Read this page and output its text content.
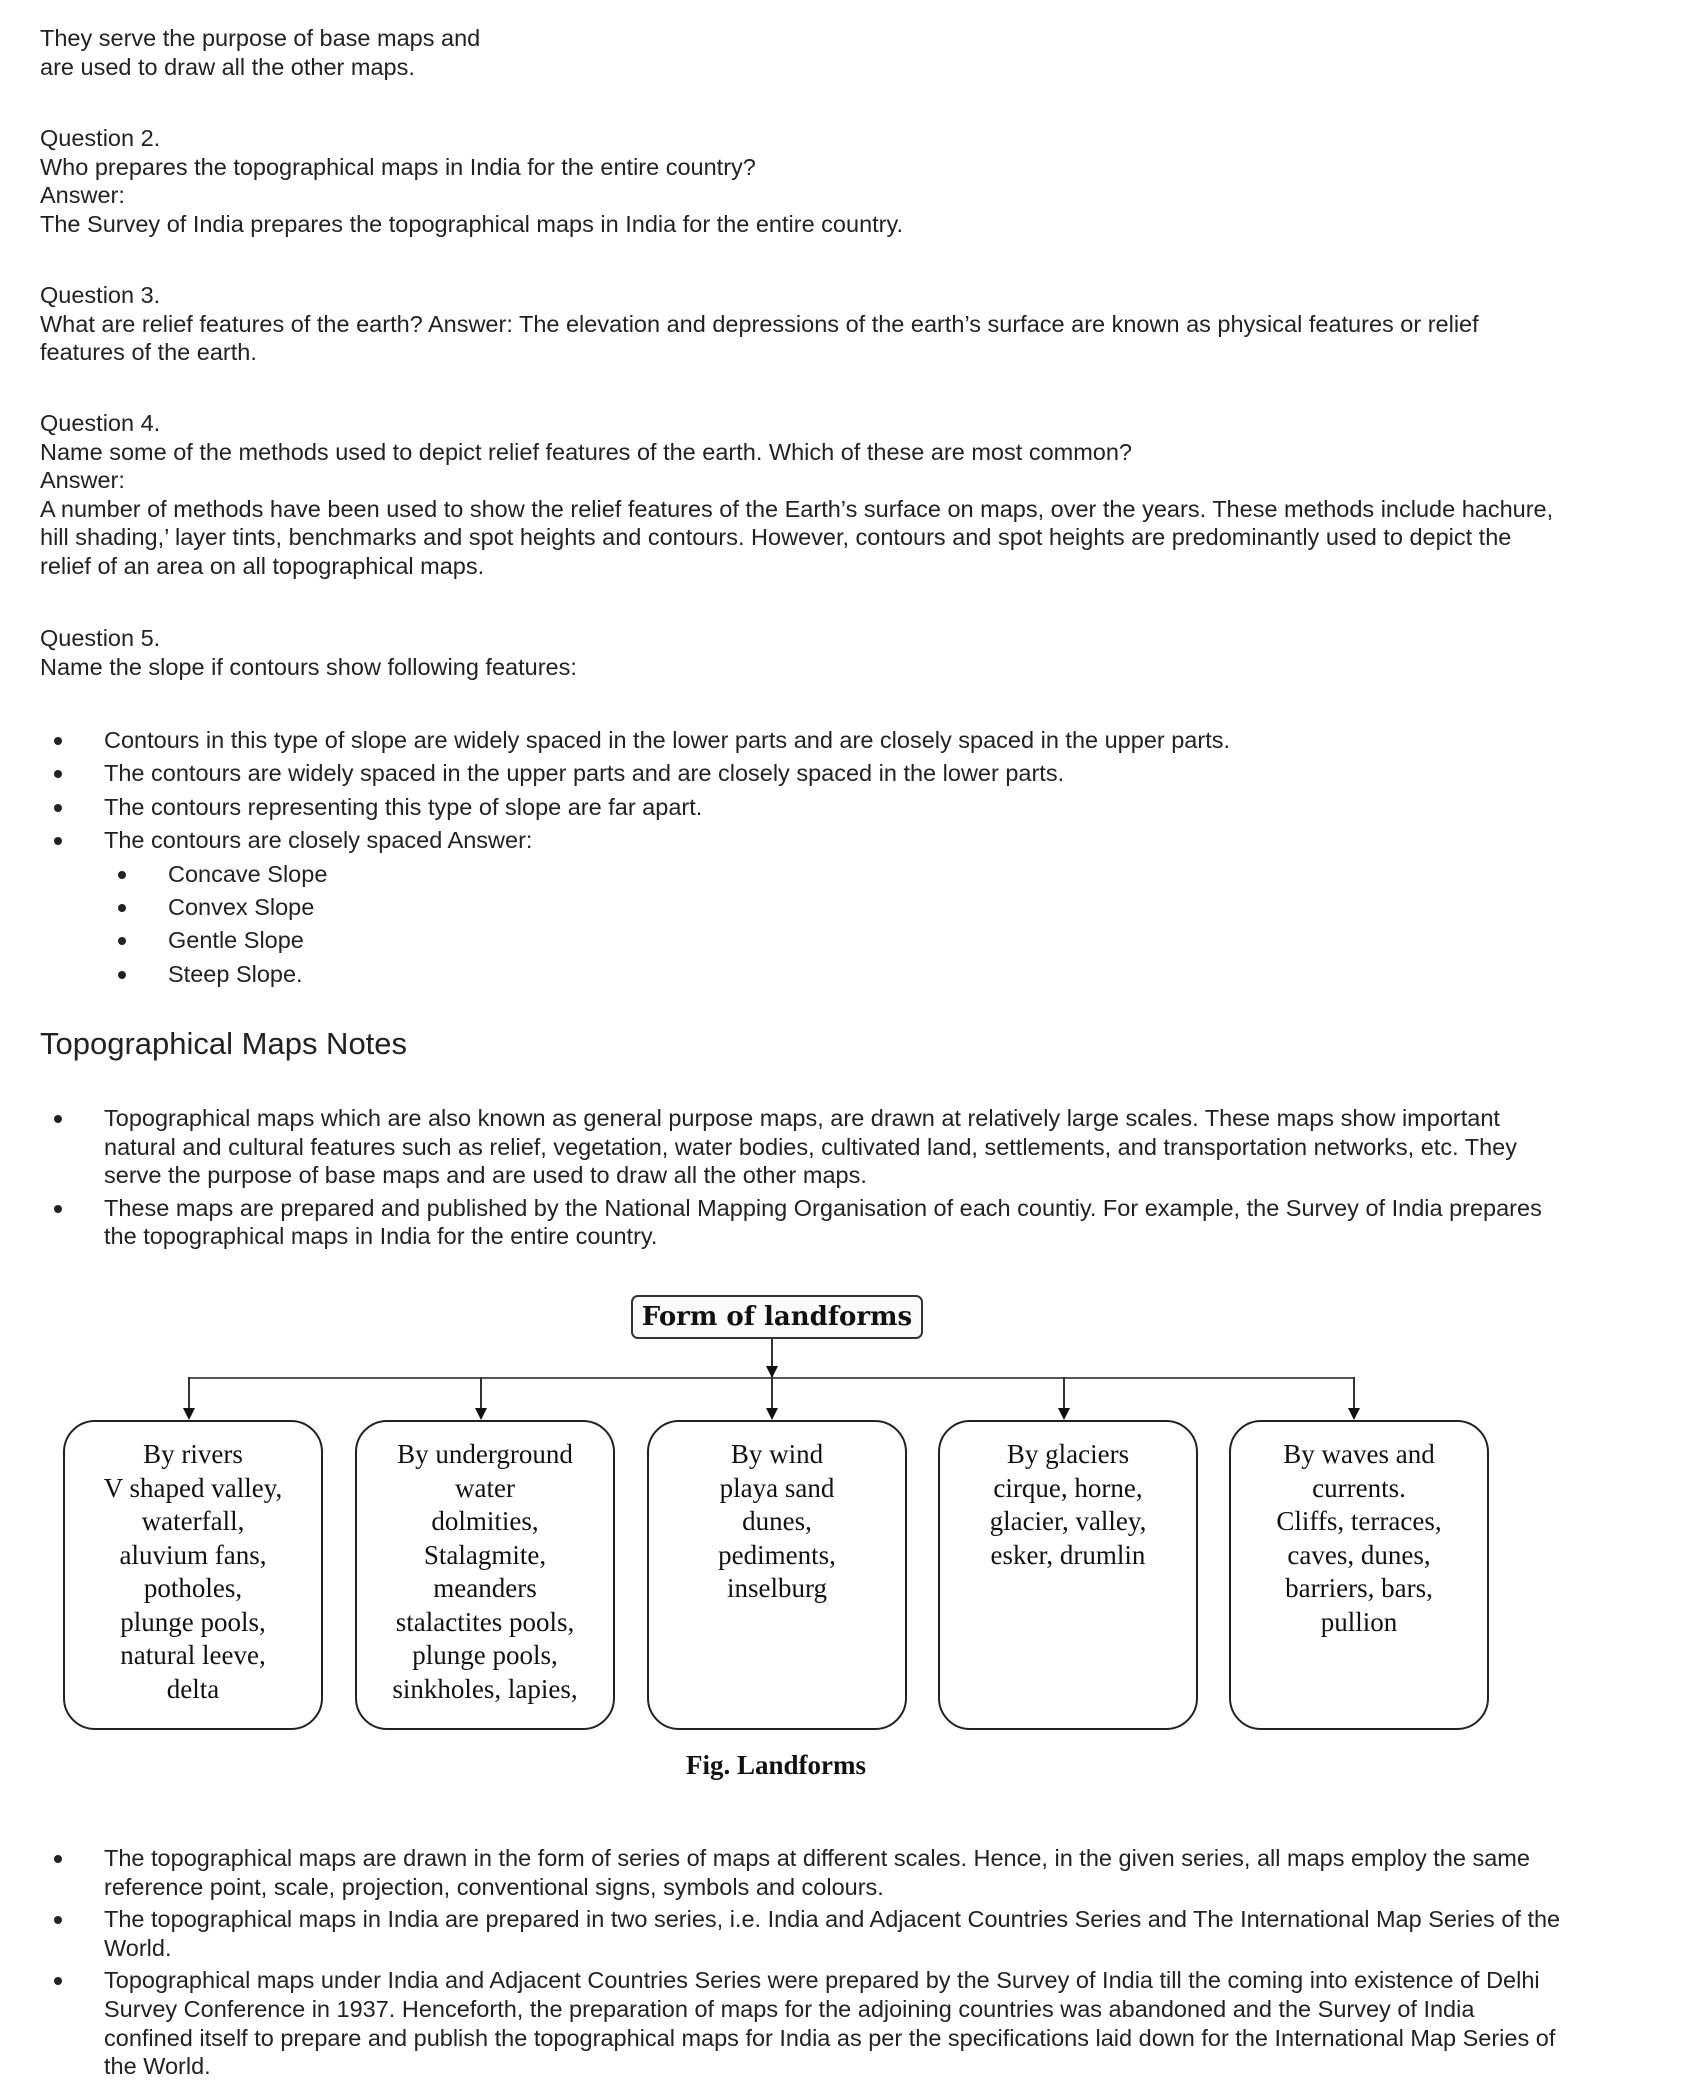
They serve the purpose of base maps and
are used to draw all the other maps.
Question 2.
Who prepares the topographical maps in India for the entire country?
Answer:
The Survey of India prepares the topographical maps in India for the entire country.
Question 3.
What are relief features of the earth? Answer: The elevation and depressions of the earth’s surface are known as physical features or relief
features of the earth.
Question 4.
Name some of the methods used to depict relief features of the earth. Which of these are most common?
Answer:
A number of methods have been used to show the relief features of the Earth’s surface on maps, over the years. These methods include hachure,
hill shading,’ layer tints, benchmarks and spot heights and contours. However, contours and spot heights are predominantly used to depict the
relief of an area on all topographical maps.
Question 5.
Name the slope if contours show following features:
Contours in this type of slope are widely spaced in the lower parts and are closely spaced in the upper parts.
The contours are widely spaced in the upper parts and are closely spaced in the lower parts.
The contours representing this type of slope are far apart.
The contours are closely spaced Answer:
Concave Slope
Convex Slope
Gentle Slope
Steep Slope.
Topographical Maps Notes
Topographical maps which are also known as general purpose maps, are drawn at relatively large scales. These maps show important
natural and cultural features such as relief, vegetation, water bodies, cultivated land, settlements, and transportation networks, etc. They
serve the purpose of base maps and are used to draw all the other maps.
These maps are prepared and published by the National Mapping Organisation of each countiy. For example, the Survey of India prepares
the topographical maps in India for the entire country.
Form of landforms
By rivers
V shaped valley,
waterfall,
aluvium fans,
potholes,
plunge pools,
natural leeve,
delta
By underground
water
dolmities,
Stalagmite,
meanders
stalactites pools,
plunge pools,
sinkholes, lapies,
By wind
playa sand
dunes,
pediments,
inselburg
By glaciers
cirque, horne,
glacier, valley,
esker, drumlin
By waves and
currents.
Cliffs, terraces,
caves, dunes,
barriers, bars,
pullion
Fig. Landforms
The topographical maps are drawn in the form of series of maps at different scales. Hence, in the given series, all maps employ the same
reference point, scale, projection, conventional signs, symbols and colours.
The topographical maps in India are prepared in two series, i.e. India and Adjacent Countries Series and The International Map Series of the
World.
Topographical maps under India and Adjacent Countries Series were prepared by the Survey of India till the coming into existence of Delhi
Survey Conference in 1937. Henceforth, the preparation of maps for the adjoining countries was abandoned and the Survey of India
confined itself to prepare and publish the topographical maps for India as per the specifications laid down for the International Map Series of
the World.
